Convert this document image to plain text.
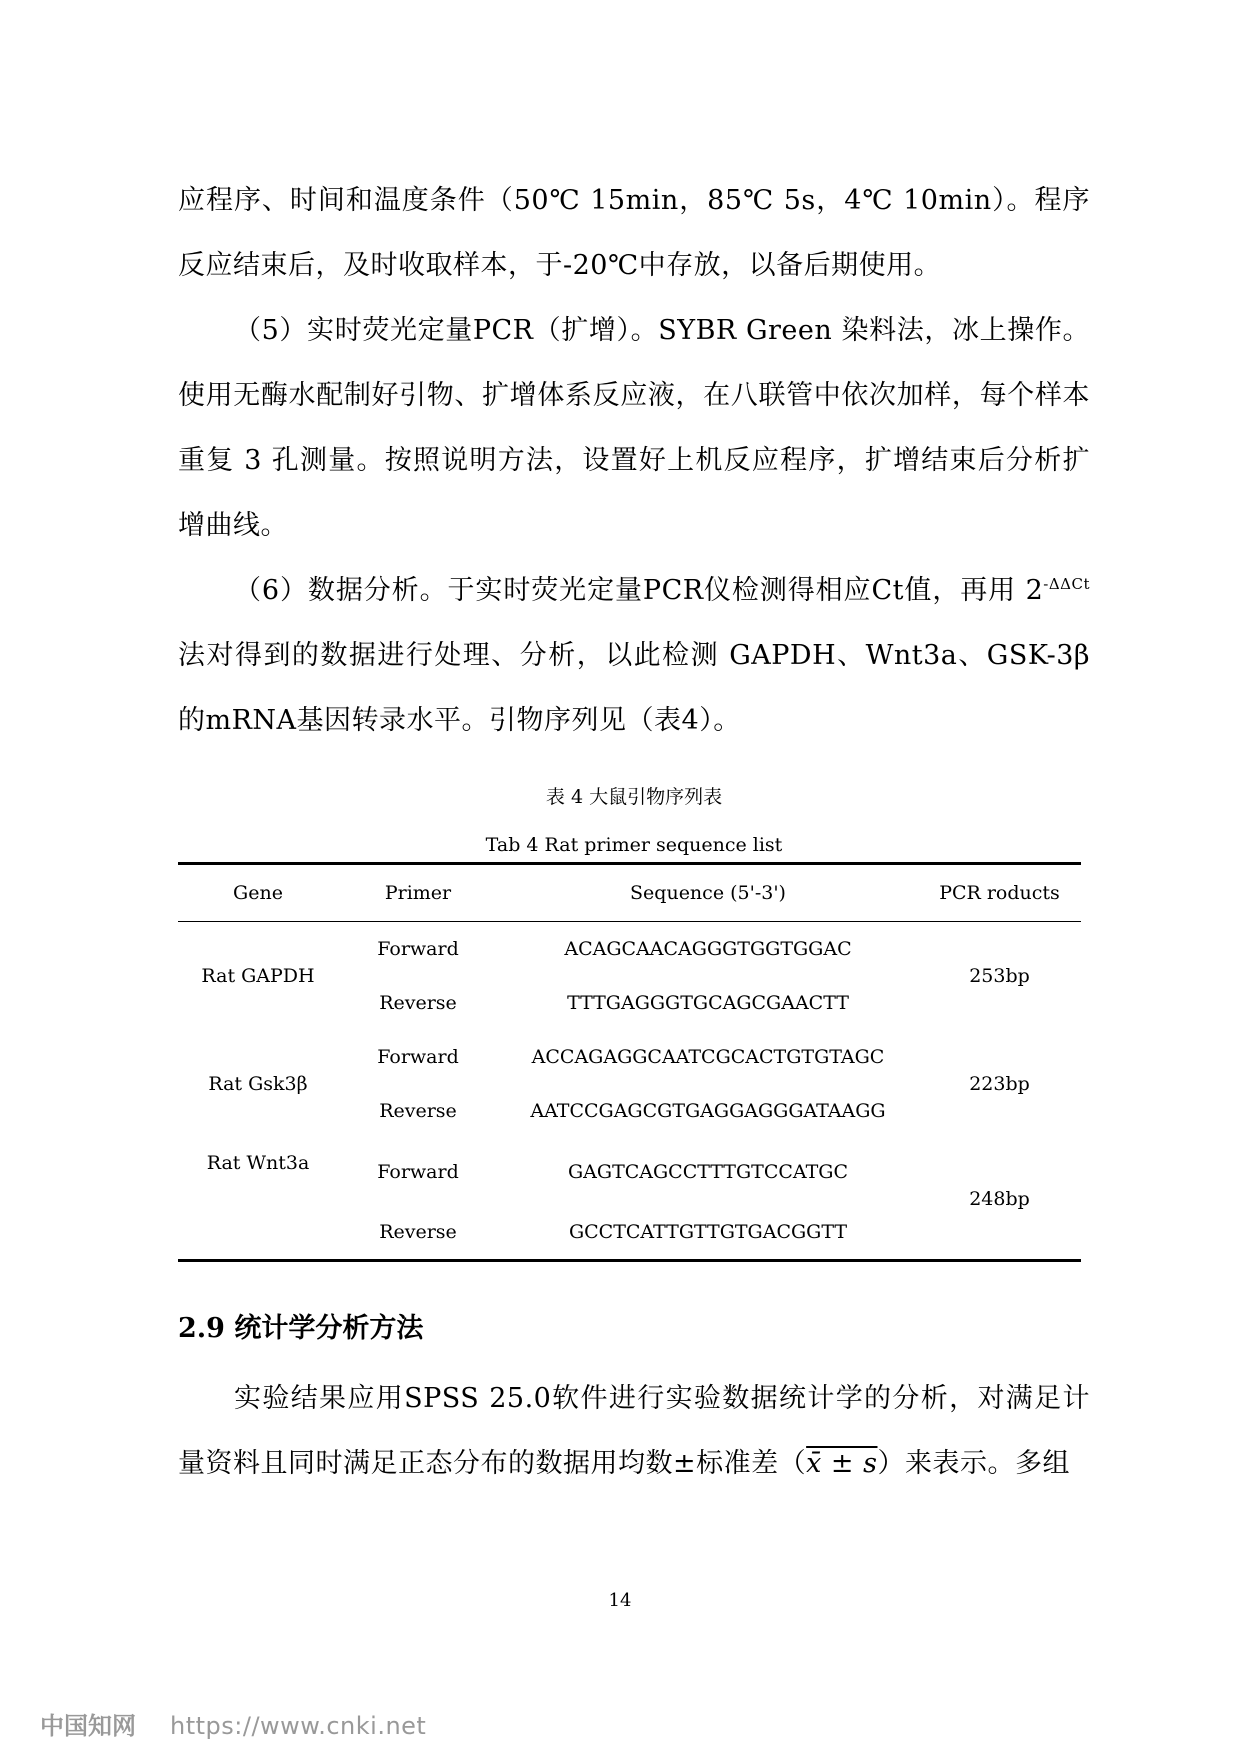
应程序、时间和温度条件（50℃ 15min，85℃ 5s，4℃ 10min）。程序反应结束后，及时收取样本，于-20℃中存放，以备后期使用。
（5）实时荧光定量PCR（扩增）。SYBR Green 染料法，冰上操作。使用无酶水配制好引物、扩增体系反应液，在八联管中依次加样，每个样本重复 3 孔测量。按照说明方法，设置好上机反应程序，扩增结束后分析扩增曲线。
（6）数据分析。于实时荧光定量PCR仪检测得相应Ct值，再用 $2^{-\Delta\Delta Ct}$法对得到的数据进行处理、分析，以此检测 GAPDH、Wnt3a、GSK-3β 的mRNA基因转录水平。引物序列见（表4）。
表 4 大鼠引物序列表
Tab 4 Rat primer sequence list
Gene	Primer	Sequence (5'-3')	PCR roducts
Rat GAPDH	Forward	ACAGCAACAGGGTGGTGGAC	253bp
	Reverse	TTTGAGGGTGCAGCGAACTT	
Rat Gsk3β	Forward	ACCAGAGGCAATCGCACTGTGTAGC	223bp
	Reverse	AATCCGAGCGTGAGGAGGGATAAGG	
Rat Wnt3a	Forward	GAGTCAGCCTTTGTCCATGC	248bp
	Reverse	GCCTCATTGTTGTGACGGTT	
2.9 统计学分析方法
实验结果应用SPSS 25.0软件进行实验数据统计学的分析，对满足计量资料且同时满足正态分布的数据用均数±标准差（x̄ ± s）来表示。多组
14
中国知网 https://www.cnki.net
